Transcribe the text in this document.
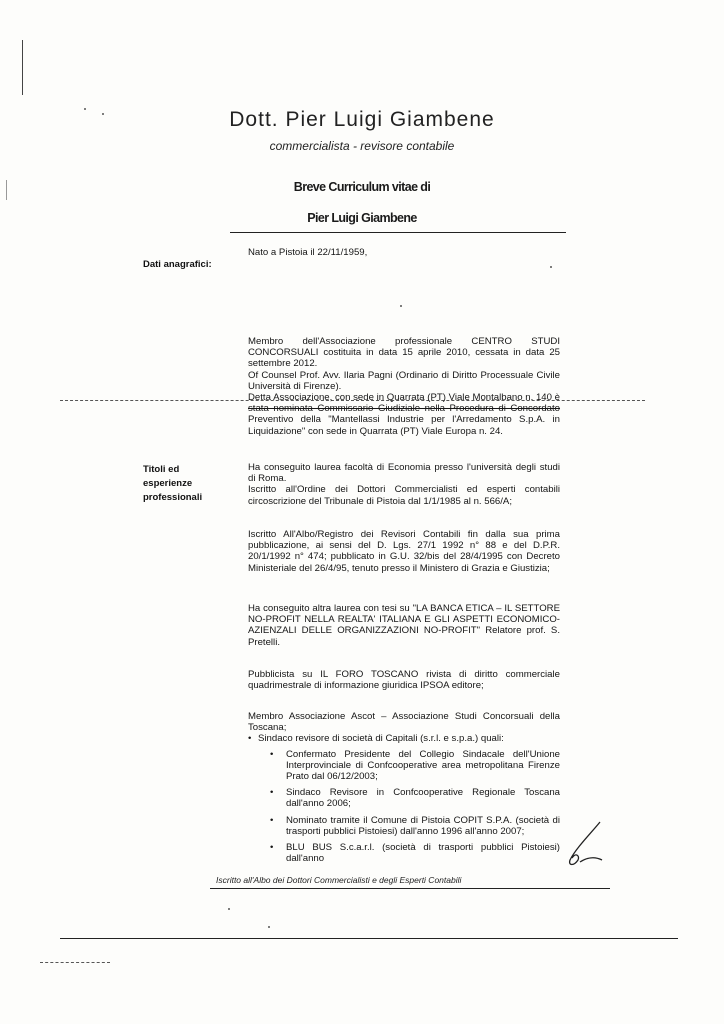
Dott. Pier Luigi Giambene
commercialista - revisore contabile
Breve Curriculum vitae di
Pier Luigi Giambene
Dati anagrafici:
Nato a Pistoia il 22/11/1959,
Membro dell'Associazione professionale CENTRO STUDI CONCORSUALI costituita in data 15 aprile 2010, cessata in data 25 settembre 2012.
Of Counsel Prof. Avv. Ilaria Pagni (Ordinario di Diritto Processuale Civile Università di Firenze).
Detta Associazione, con sede in Quarrata (PT) Viale Montalbano n. 140 è stata nominata Commissario Giudiziale nella Procedura di Concordato Preventivo della "Mantellassi Industrie per l'Arredamento S.p.A. in Liquidazione" con sede in Quarrata (PT) Viale Europa n. 24.
Titoli ed
esperienze
professionali
Ha conseguito laurea facoltà di Economia presso l'università degli studi di Roma.
Iscritto all'Ordine dei Dottori Commercialisti ed esperti contabili circoscrizione del Tribunale di Pistoia dal 1/1/1985 al n. 566/A;
Iscritto All'Albo/Registro dei Revisori Contabili fin dalla sua prima pubblicazione, ai sensi del D. Lgs. 27/1 1992 n° 88 e del D.P.R. 20/1/1992 n° 474; pubblicato in G.U. 32/bis del 28/4/1995 con Decreto Ministeriale del 26/4/95, tenuto presso il Ministero di Grazia e Giustizia;
Ha conseguito altra laurea con tesi su "LA BANCA ETICA – IL SETTORE NO-PROFIT NELLA REALTA' ITALIANA E GLI ASPETTI ECONOMICO-AZIENZALI DELLE ORGANIZZAZIONI NO-PROFIT" Relatore prof. S. Pretelli.
Pubblicista su IL FORO TOSCANO rivista di diritto commerciale quadrimestrale di informazione giuridica IPSOA editore;
Membro Associazione Ascot – Associazione Studi Concorsuali della Toscana;
• Sindaco revisore di società di Capitali (s.r.l. e s.p.a.) quali:
• Confermato Presidente del Collegio Sindacale dell'Unione Interprovinciale di Confcooperative area metropolitana Firenze Prato dal 06/12/2003;
• Sindaco Revisore in Confcooperative Regionale Toscana dall'anno 2006;
• Nominato tramite il Comune di Pistoia COPIT S.P.A. (società di trasporti pubblici Pistoiesi) dall'anno 1996 all'anno 2007;
• BLU BUS S.c.a.r.l. (società di trasporti pubblici Pistoiesi) dall'anno
Iscritto all'Albo dei Dottori Commercialisti e degli Esperti Contabili
